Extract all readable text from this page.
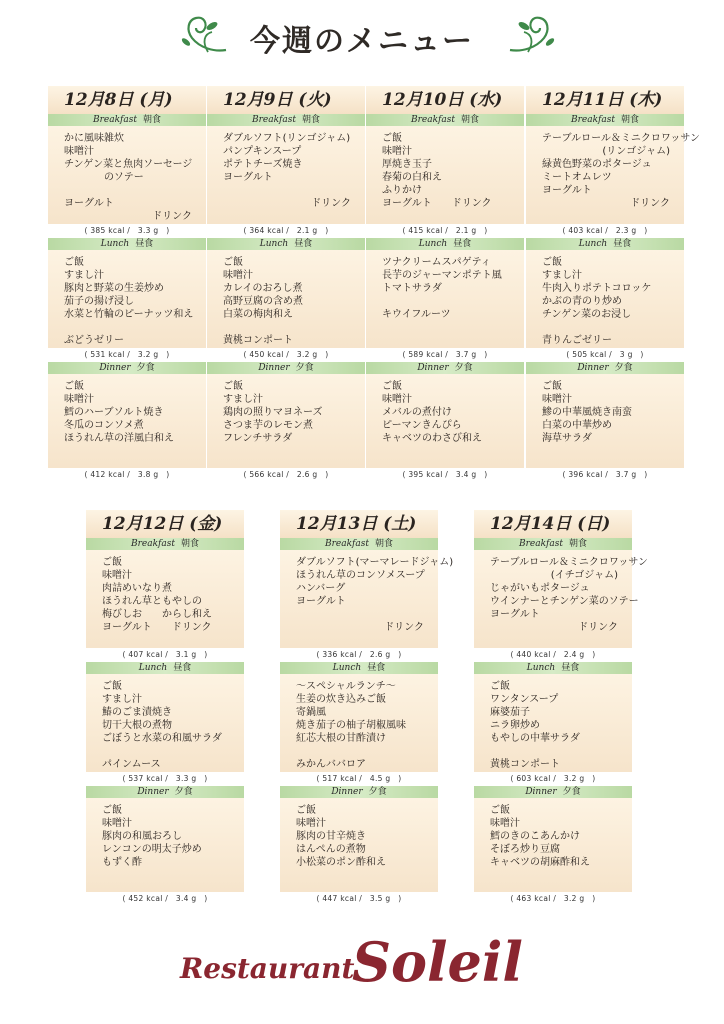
今週のメニュー
12月8日 (月)
Breakfast 朝食
かに風味雑炊
味噌汁
チンゲン菜と魚肉ソーセージ
　　　　のソテー

ヨーグルト
ドリンク
( 385 kcal /　3.3 g　)
Lunch 昼食
ご飯
すまし汁
豚肉と野菜の生姜炒め
茄子の揚げ浸し
水菜と竹輪のピーナッツ和え

ぶどうゼリー
( 531 kcal /　3.2 g　)
Dinner 夕食
ご飯
味噌汁
鱈のハーブソルト焼き
冬瓜のコンソメ煮
ほうれん草の洋風白和え
( 412 kcal /　3.8 g　)
12月9日 (火)
Breakfast 朝食
ダブルソフト(リンゴジャム)
パンプキンスープ
ポテトチーズ焼き
ヨーグルト

ドリンク
( 364 kcal /　2.1 g　)
Lunch 昼食
ご飯
味噌汁
カレイのおろし煮
高野豆腐の含め煮
白菜の梅肉和え

黄桃コンポート
( 450 kcal /　3.2 g　)
Dinner 夕食
ご飯
すまし汁
鶏肉の照りマヨネーズ
さつま芋のレモン煮
フレンチサラダ
( 566 kcal /　2.6 g　)
12月10日 (水)
Breakfast 朝食
ご飯
味噌汁
厚焼き玉子
春菊の白和え
ふりかけ
ヨーグルト　　ドリンク
( 415 kcal /　2.1 g　)
Lunch 昼食
ツナクリームスパゲティ
長芋のジャーマンポテト風
トマトサラダ

キウイフルーツ
( 589 kcal /　3.7 g　)
Dinner 夕食
ご飯
味噌汁
メバルの煮付け
ピーマンきんぴら
キャベツのわさび和え
( 395 kcal /　3.4 g　)
12月11日 (木)
Breakfast 朝食
テーブルロール＆ミニクロワッサン
(リンゴジャム)
緑黄色野菜のポタージュ
ミートオムレツ
ヨーグルト
ドリンク
( 403 kcal /　2.3 g　)
Lunch 昼食
ご飯
すまし汁
牛肉入りポテトコロッケ
かぶの青のり炒め
チンゲン菜のお浸し

青りんごゼリー
( 505 kcal /　3 g　)
Dinner 夕食
ご飯
味噌汁
鯵の中華風焼き南蛮
白菜の中華炒め
海草サラダ
( 396 kcal /　3.7 g　)
12月12日 (金)
Breakfast 朝食
ご飯
味噌汁
肉詰めいなり煮
ほうれん草ともやしの
梅びしお　　からし和え
ヨーグルト　　ドリンク
( 407 kcal /　3.1 g　)
Lunch 昼食
ご飯
すまし汁
鰆のごま漬焼き
切干大根の煮物
ごぼうと水菜の和風サラダ

パインムース
( 537 kcal /　3.3 g　)
Dinner 夕食
ご飯
味噌汁
豚肉の和風おろし
レンコンの明太子炒め
もずく酢
( 452 kcal /　3.4 g　)
12月13日 (土)
Breakfast 朝食
ダブルソフト(マーマレードジャム)
ほうれん草のコンソメスープ
ハンバーグ
ヨーグルト

ドリンク
( 336 kcal /　2.6 g　)
Lunch 昼食
～スペシャルランチ～
生姜の炊き込みご飯
寄鍋風
焼き茄子の柚子胡椒風味
紅芯大根の甘酢漬け

みかんババロア
( 517 kcal /　4.5 g　)
Dinner 夕食
ご飯
味噌汁
豚肉の甘辛焼き
はんぺんの煮物
小松菜のポン酢和え
( 447 kcal /　3.5 g　)
12月14日 (日)
Breakfast 朝食
テーブルロール＆ミニクロワッサン
(イチゴジャム)
じゃがいもポタージュ
ウインナーとチンゲン菜のソテー
ヨーグルト
ドリンク
( 440 kcal /　2.4 g　)
Lunch 昼食
ご飯
ワンタンスープ
麻婆茄子
ニラ卵炒め
もやしの中華サラダ

黄桃コンポート
( 603 kcal /　3.2 g　)
Dinner 夕食
ご飯
味噌汁
鱈のきのこあんかけ
そぼろ炒り豆腐
キャベツの胡麻酢和え
( 463 kcal /　3.2 g　)
Restaurant
Soleil
